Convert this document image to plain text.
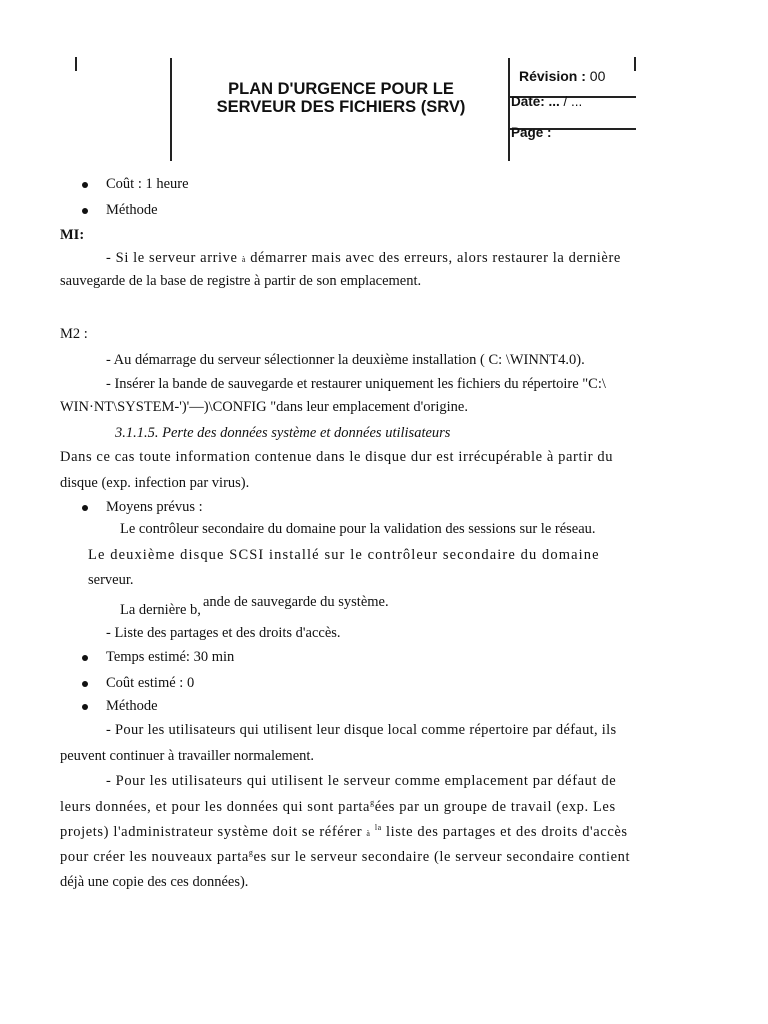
PLAN D'URGENCE POUR LE
SERVEUR DES FICHIERS (SRV)
Révision : 00
Date: ... / ...
Page :
Coût : 1 heure
Méthode
MI:
- Si le serveur arrive à démarrer mais avec des erreurs, alors restaurer la dernière
sauvegarde de la base de registre à partir de son emplacement.
M2 :
- Au démarrage du serveur sélectionner la deuxième installation ( C: \WINNT4.0).
- Insérer la bande de sauvegarde et restaurer uniquement les fichiers du répertoire "C:\
WIN·NT\SYSTEM-')'—)\CONFIG "dans leur emplacement d'origine.
3.1.1.5. Perte des données système et données utilisateurs
Dans ce cas toute information contenue dans le disque dur est irrécupérable à partir du
disque (exp. infection par virus).
Moyens prévus :
Le contrôleur secondaire du domaine pour la validation des sessions sur le réseau.
Le deuxième disque SCSI installé sur le contrôleur secondaire du domaine
serveur.
La dernière b, ande de sauvegarde du système.
- Liste des partages et des droits d'accès.
Temps estimé: 30 min
Coût estimé : 0
Méthode
- Pour les utilisateurs qui utilisent leur disque local comme répertoire par défaut, ils
peuvent continuer à travailler normalement.
- Pour les utilisateurs qui utilisent le serveur comme emplacement par défaut de
leurs données, et pour les données qui sont parta$^g$ées par un groupe de travail (exp. Les
projets) l'administrateur système doit se référer à $^{la}$ liste des partages et des droits d'accès
pour créer les nouveaux parta$^g$es sur le serveur secondaire (le serveur secondaire contient
déjà une copie des ces données).
